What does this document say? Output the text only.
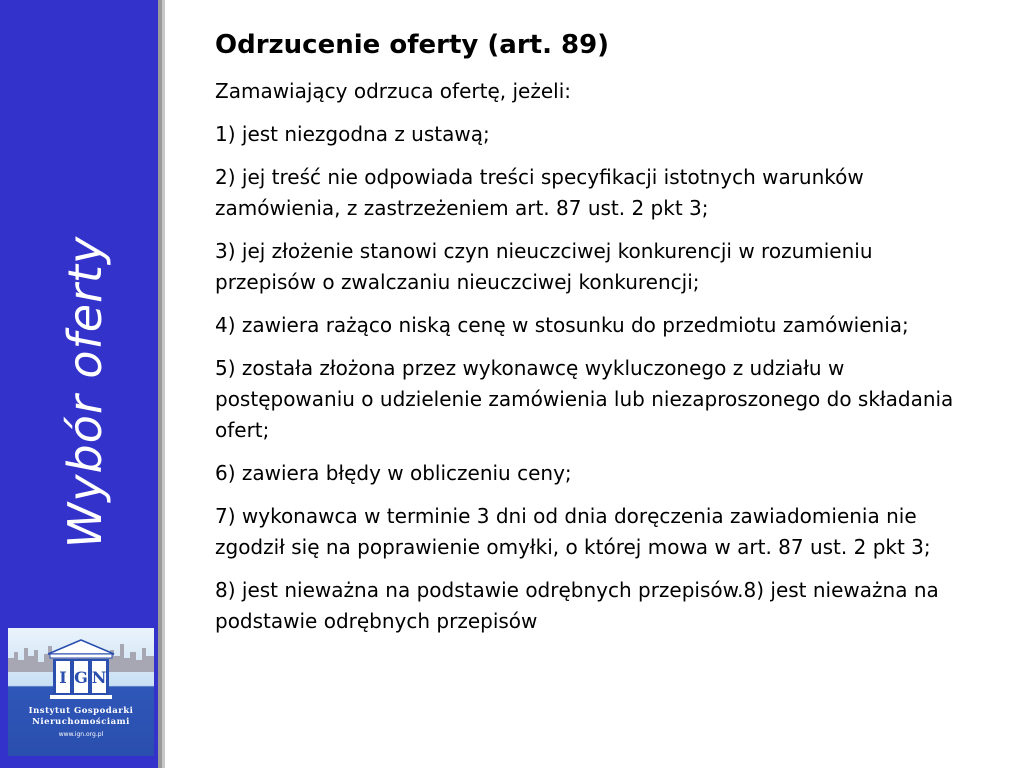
Wybór oferty
I G N
Instytut Gospodarki
Nieruchomościami
www.ign.org.pl
Odrzucenie oferty (art. 89)

Zamawiający odrzuca ofertę, jeżeli:

1) jest niezgodna z ustawą;

2) jej treść nie odpowiada treści specyfikacji istotnych warunków zamówienia, z zastrzeżeniem art. 87 ust. 2 pkt 3;

3) jej złożenie stanowi czyn nieuczciwej konkurencji w rozumieniu przepisów o zwalczaniu nieuczciwej konkurencji;

4) zawiera rażąco niską cenę w stosunku do przedmiotu zamówienia;

5) została złożona przez wykonawcę wykluczonego z udziału w postępowaniu o udzielenie zamówienia lub niezaproszonego do składania ofert;

6) zawiera błędy w obliczeniu ceny;

7) wykonawca w terminie 3 dni od dnia doręczenia zawiadomienia nie zgodził się na poprawienie omyłki, o której mowa w art. 87 ust. 2 pkt 3;

8) jest nieważna na podstawie odrębnych przepisów.8) jest nieważna na podstawie odrębnych przepisów
